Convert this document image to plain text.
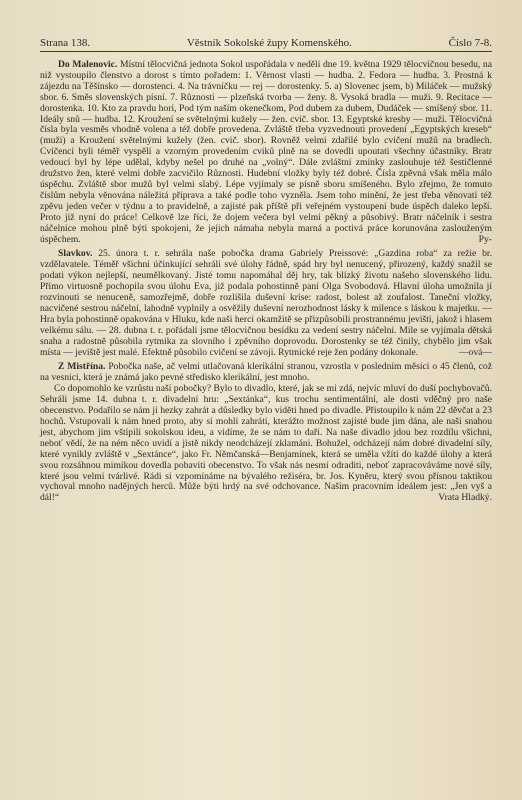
Strana 138.	Věstník Sokolské župy Komenského.	Číslo 7-8.

Do Malenovic. Místní tělocvičná jednota Sokol uspořádala v neděli dne 19. května 1929 tělocvičnou besedu, na niž vystoupilo členstvo a dorost s tímto pořadem: 1. Věrnost vlasti — hudba. 2. Fedora — hudba. 3. Prostná k zájezdu na Těšínsko — dorostenci. 4. Na trávníčku — rej — dorostenky. 5. a) Slovenec jsem, b) Miláček — mužský sbor. 6. Směs slovenských písní. 7. Různosti — plzeňská tvorba — ženy. 8. Vysoká bradla — muži. 9. Recitace — dorostenka. 10. Kto za pravdu hori, Pod tým naším okenečkom, Pod dubem za dubem, Dudáček — smíšený sbor. 11. Ideály snů — hudba. 12. Kroužení se světelnými kužely — žen. cvič. sbor. 13. Egyptské kresby — muži. Tělocvičná čísla byla vesměs vhodně volena a též dobře provedena. Zvláště třeba vyzvednouti provedení „Egyptských kreseb“ (muži) a Kroužení světelnými kužely (žen. cvič. sbor). Rovněž velmi zdařilé bylo cvičení mužů na bradlech. Cvičenci byli téměř vyspělí a vzorným provedením cviků plně na se dovedli upoutati všechny účastníky. Bratr vedoucí byl by lépe udělal, kdyby nešel po druhé na „volný“. Dále zvláštní zmínky zaslouhuje též šestičlenné družstvo žen, které velmi dobře zacvičilo Různosti. Hudební vložky byly též dobré. Čísla zpěvná však měla málo úspěchu. Zvláště sbor mužů byl velmi slabý. Lépe vyjímaly se písně sboru smíšeného. Bylo zřejmo, že tomuto číslům nebyla věnována náležitá příprava a také podle toho vyzněla. Jsem toho mínění, že jest třeba věnovati též zpěvu jeden večer v týdnu a to pravidelně, a zajisté pak příště při veřejném vystoupení bude úspěch daleko lepší. Proto již nyní do práce! Celkově lze říci, že dojem večera byl velmi pěkný a působivý. Bratr náčelník i sestra náčelnice mohou plně býti spokojeni, že jejich námaha nebyla marná a poctivá práce korunována zaslouženým úspěchem.	Py-

Slavkov. 25. února t. r. sehrála naše pobočka drama Gabriely Preissové: „Gazdina roba“ za režie br. vzdělavatele. Téměř všichni účinkující sehráli své úlohy řádně, spád hry byl nenucený, přirozený, každý snažil se podati výkon nejlepší, neumělkovaný. Jisté tomu napomáhal děj hry, tak blízký životu našeho slovenského lidu. Přímo virtuosně pochopila svou úlohu Eva, již podala pohostinně paní Olga Svobodová. Hlavní úloha umožnila jí rozvinouti se nenuceně, samozřejmě, dobře rozlišila duševní krise: radost, bolest až zoufalost. Taneční vložky, nacvičené sestrou náčelní, lahodně vyplnily a osvěžily duševní nerozhodnost lásky k milence s láskou k majetku. — Hra byla pohostinně opakována v Hluku, kde naši herci okamžitě se přizpůsobili prostrannému jevišti, jakož i hlasem velkému sálu. — 28. dubna t. r. pořádali jsme tělocvičnou besídku za vedení sestry náčelní. Mile se vyjímala dětská snaha a radostně působila rytmika za slovního i zpěvního doprovodu. Dorostenky se též činily, chybělo jim však místa — jeviště jest malé. Efektně působilo cvičení se závoji. Rytmické reje žen podány dokonale.	—ová—

Z Mistřína. Pobočka naše, ač velmi utlačovaná klerikální stranou, vzrostla v posledním měsíci o 45 členů, což na vesnici, která je známá jako pevné středisko klerikální, jest mnoho.

Co dopomohlo ke vzrůstu naší pobočky? Bylo to divadlo, které, jak se mi zdá, nejvíc mluví do duší pochybovačů. Sehráli jsme 14. dubna t. r. divadelní hru: „Sextánka“, kus trochu sentimentální, ale dosti vděčný pro naše obecenstvo. Podařilo se nám ji hezky zahrát a důsledky bylo viděti hned po divadle. Přistoupilo k nám 22 děvčat a 23 hochů. Vstupovali k nám hned proto, aby si mohli zahráti, kterážto možnost zajisté bude jim dána, ale naší snahou jest, abychom jim vštípili sokolskou ideu, a vidíme, že se nám to daří. Na naše divadlo jdou bez rozdílu všichni, neboť vědí, že na ném něco uvidí a jistě nikdy neodcházejí zklamáni. Bohužel, odcházejí nám dobré divadelní síly, které vynikly zvláště v „Sextánce“, jako Fr. Němčanská—Benjamínek, která se uměla vžíti do každé úlohy a která svou rozsáhnou mimikou dovedla pobaviti obecenstvo. To však nás nesmí odraditi, neboť zapracováváme nové síly, které jsou velmi tvárlivé. Rádi si vzpomínáme na bývalého režiséra, br. Jos. Kyněru, který svou přísnou taktikou vychoval mnoho nadějných herců. Může býti hrdý na své odchovance. Naším pracovním ideálem jest: „Jen vyš a dál!“	Vrata Hladký.
